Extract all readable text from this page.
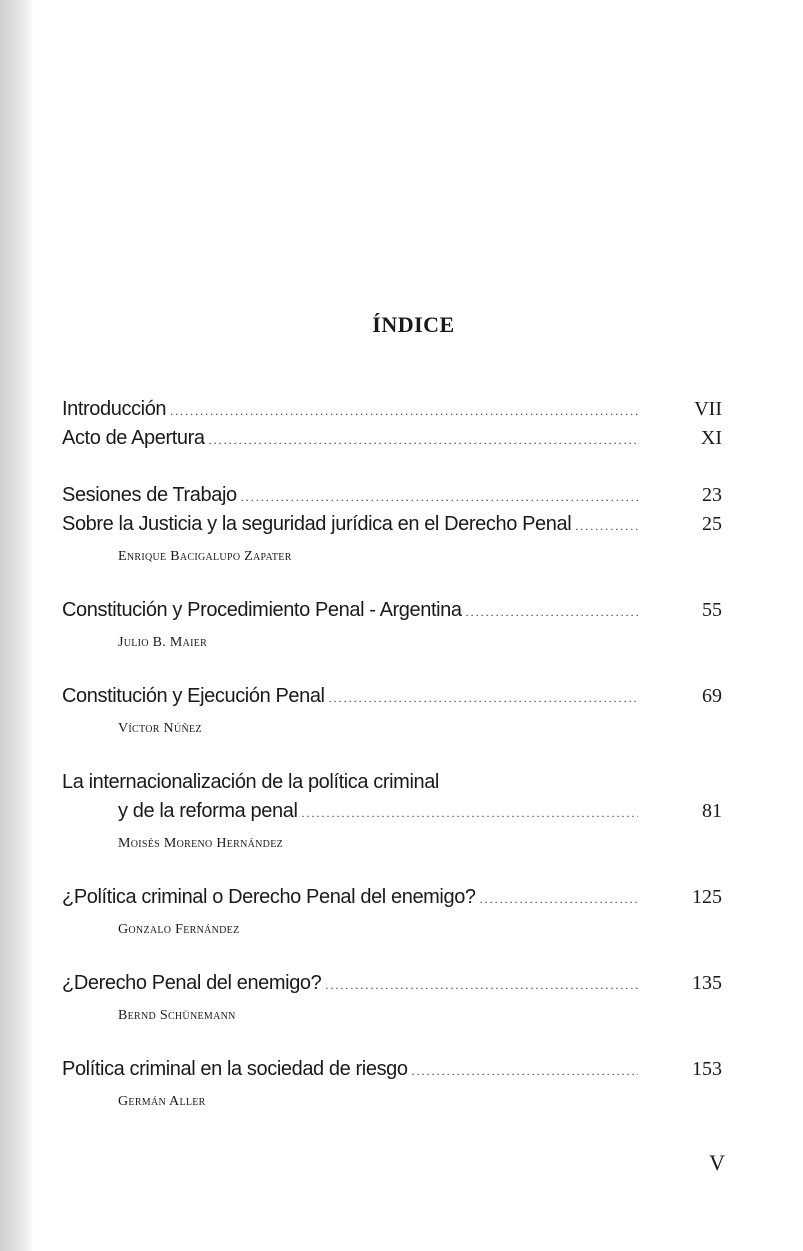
ÍNDICE
Introducción .....	VII
Acto de Apertura .....	XI
Sesiones de Trabajo .....	23
Sobre la Justicia y la seguridad jurídica en el Derecho Penal .....	25
Enrique Bacigalupo Zapater
Constitución y Procedimiento Penal - Argentina .....	55
Julio B. Maier
Constitución y Ejecución Penal .....	69
Víctor Núñez
La internacionalización de la política criminal
y de la reforma penal .....	81
Moisés Moreno Hernández
¿Política criminal o Derecho Penal del enemigo? .....	125
Gonzalo Fernández
¿Derecho Penal del enemigo? .....	135
Bernd Schünemann
Política criminal en la sociedad de riesgo .....	153
Germán Aller
V
